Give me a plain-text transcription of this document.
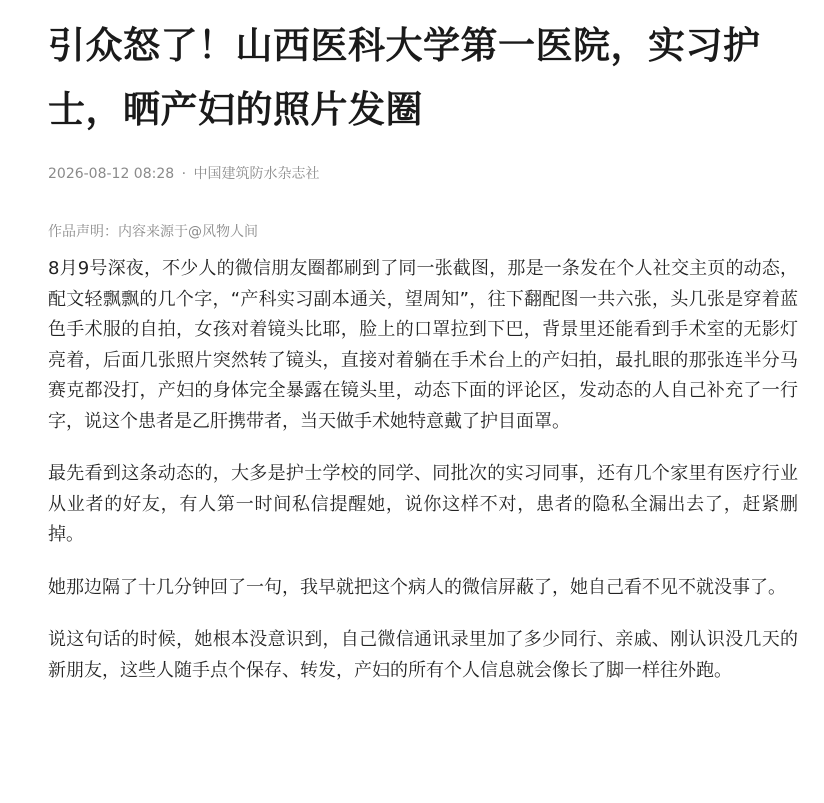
引众怒了！山西医科大学第一医院，实习护士，晒产妇的照片发圈
2026-08-12 08:28 · 中国建筑防水杂志社
作品声明：内容来源于@风物人间

8月9号深夜，不少人的微信朋友圈都刷到了同一张截图，那是一条发在个人社交主页的动态，配文轻飘飘的几个字，“产科实习副本通关，望周知”，往下翻配图一共六张，头几张是穿着蓝色手术服的自拍，女孩对着镜头比耶，脸上的口罩拉到下巴，背景里还能看到手术室的无影灯亮着，后面几张照片突然转了镜头，直接对着躺在手术台上的产妇拍，最扎眼的那张连半分马赛克都没打，产妇的身体完全暴露在镜头里，动态下面的评论区，发动态的人自己补充了一行字，说这个患者是乙肝携带者，当天做手术她特意戴了护目面罩。

最先看到这条动态的，大多是护士学校的同学、同批次的实习同事，还有几个家里有医疗行业从业者的好友，有人第一时间私信提醒她，说你这样不对，患者的隐私全漏出去了，赶紧删掉。

她那边隔了十几分钟回了一句，我早就把这个病人的微信屏蔽了，她自己看不见不就没事了。

说这句话的时候，她根本没意识到，自己微信通讯录里加了多少同行、亲戚、刚认识没几天的新朋友，这些人随手点个保存、转发，产妇的所有个人信息就会像长了脚一样往外跑。
